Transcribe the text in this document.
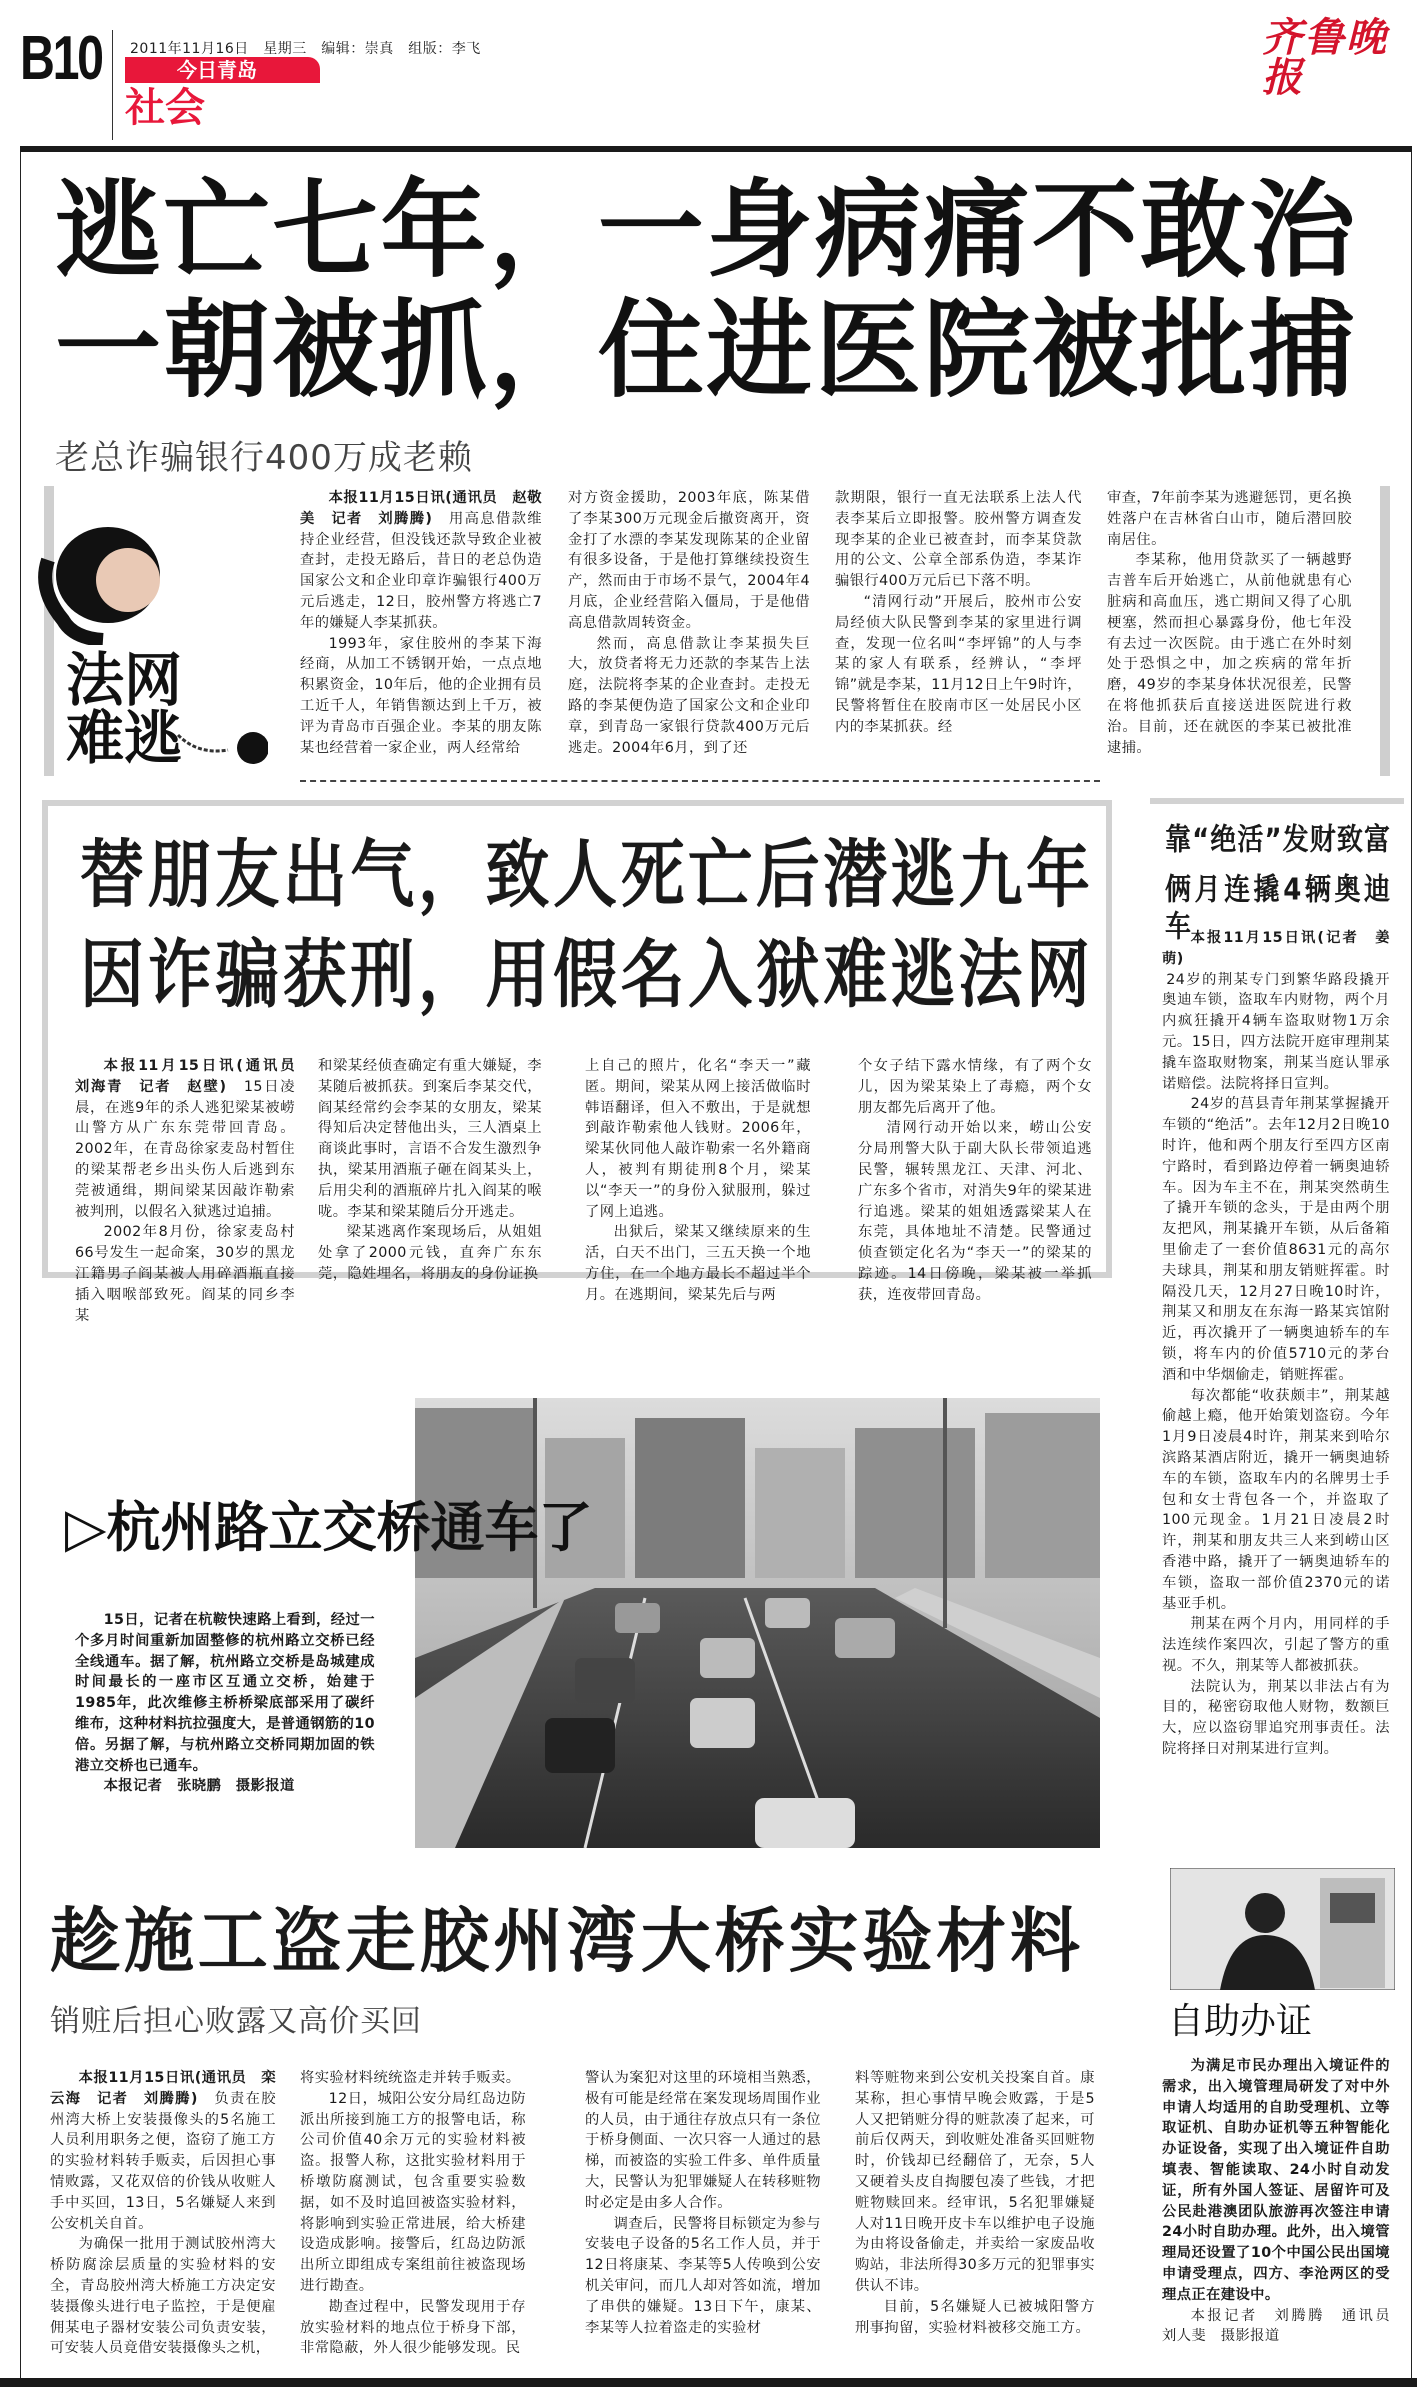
B10 2011年11月16日　星期三　编辑：崇真　组版：李飞
今日青岛
社会
齐鲁晚报
逃亡七年，一身病痛不敢治
一朝被抓，住进医院被批捕
老总诈骗银行400万成老赖
法网
难逃

本报11月15日讯(通讯员　赵敬美　记者　刘腾腾)　用高息借款维持企业经营，但没钱还款导致企业被查封，走投无路后，昔日的老总伪造国家公文和企业印章诈骗银行400万元后逃走，12日，胶州警方将逃亡7年的嫌疑人李某抓获。

1993年，家住胶州的李某下海经商，从加工不锈钢开始，一点点地积累资金，10年后，他的企业拥有员工近千人，年销售额达到上千万，被评为青岛市百强企业。李某的朋友陈某也经营着一家企业，两人经常给

对方资金援助，2003年底，陈某借了李某300万元现金后撤资离开，资金打了水漂的李某发现陈某的企业留有很多设备，于是他打算继续投资生产，然而由于市场不景气，2004年4月底，企业经营陷入僵局，于是他借高息借款周转资金。

然而，高息借款让李某损失巨大，放贷者将无力还款的李某告上法庭，法院将李某的企业查封。走投无路的李某便伪造了国家公文和企业印章，到青岛一家银行贷款400万元后逃走。2004年6月，到了还

款期限，银行一直无法联系上法人代表李某后立即报警。胶州警方调查发现李某的企业已被查封，而李某贷款用的公文、公章全部系伪造，李某诈骗银行400万元后已下落不明。

“清网行动”开展后，胶州市公安局经侦大队民警到李某的家里进行调查，发现一位名叫“李坪锦”的人与李某的家人有联系，经辨认，“李坪锦”就是李某，11月12日上午9时许，民警将暂住在胶南市区一处居民小区内的李某抓获。经

审查，7年前李某为逃避惩罚，更名换姓落户在吉林省白山市，随后潜回胶南居住。

李某称，他用贷款买了一辆越野吉普车后开始逃亡，从前他就患有心脏病和高血压，逃亡期间又得了心肌梗塞，然而担心暴露身份，他七年没有去过一次医院。由于逃亡在外时刻处于恐惧之中，加之疾病的常年折磨，49岁的李某身体状况很差，民警在将他抓获后直接送进医院进行救治。目前，还在就医的李某已被批准逮捕。

替朋友出气，致人死亡后潜逃九年
因诈骗获刑，用假名入狱难逃法网

本报11月15日讯(通讯员　刘海青　记者　赵壁)　15日凌晨，在逃9年的杀人逃犯梁某被崂山警方从广东东莞带回青岛。2002年，在青岛徐家麦岛村暂住的梁某帮老乡出头伤人后逃到东莞被通缉，期间梁某因敲诈勒索被判刑，以假名入狱逃过追捕。

2002年8月份，徐家麦岛村66号发生一起命案，30岁的黑龙江籍男子阎某被人用碎酒瓶直接插入咽喉部致死。阎某的同乡李某

和梁某经侦查确定有重大嫌疑，李某随后被抓获。到案后李某交代，阎某经常约会李某的女朋友，梁某得知后决定替他出头，三人酒桌上商谈此事时，言语不合发生激烈争执，梁某用酒瓶子砸在阎某头上，后用尖利的酒瓶碎片扎入阎某的喉咙。李某和梁某随后分开逃走。

梁某逃离作案现场后，从姐姐处拿了2000元钱，直奔广东东莞，隐姓埋名，将朋友的身份证换

上自己的照片，化名“李天一”藏匿。期间，梁某从网上接活做临时韩语翻译，但入不敷出，于是就想到敲诈勒索他人钱财。2006年，梁某伙同他人敲诈勒索一名外籍商人，被判有期徒刑8个月，梁某以“李天一”的身份入狱服刑，躲过了网上追逃。

出狱后，梁某又继续原来的生活，白天不出门，三五天换一个地方住，在一个地方最长不超过半个月。在逃期间，梁某先后与两

个女子结下露水情缘，有了两个女儿，因为梁某染上了毒瘾，两个女朋友都先后离开了他。

清网行动开始以来，崂山公安分局刑警大队于副大队长带领追逃民警，辗转黑龙江、天津、河北、广东多个省市，对消失9年的梁某进行追逃。梁某的姐姐透露梁某人在东莞，具体地址不清楚。民警通过侦查锁定化名为“李天一”的梁某的踪迹。14日傍晚，梁某被一举抓获，连夜带回青岛。

靠“绝活”发财致富
俩月连撬4辆奥迪车 本报11月15日讯(记者　姜萌)

24岁的荆某专门到繁华路段撬开奥迪车锁，盗取车内财物，两个月内疯狂撬开4辆车盗取财物1万余元。15日，四方法院开庭审理荆某撬车盗取财物案，荆某当庭认罪承诺赔偿。法院将择日宣判。

24岁的莒县青年荆某掌握撬开车锁的“绝活”。去年12月2日晚10时许，他和两个朋友行至四方区南宁路时，看到路边停着一辆奥迪轿车。因为车主不在，荆某突然萌生了撬开车锁的念头，于是由两个朋友把风，荆某撬开车锁，从后备箱里偷走了一套价值8631元的高尔夫球具，荆某和朋友销赃挥霍。时隔没几天，12月27日晚10时许，荆某又和朋友在东海一路某宾馆附近，再次撬开了一辆奥迪轿车的车锁，将车内的价值5710元的茅台酒和中华烟偷走，销赃挥霍。

每次都能“收获颇丰”，荆某越偷越上瘾，他开始策划盗窃。今年1月9日凌晨4时许，荆某来到哈尔滨路某酒店附近，撬开一辆奥迪轿车的车锁，盗取车内的名牌男士手包和女士背包各一个，并盗取了100元现金。1月21日凌晨2时许，荆某和朋友共三人来到崂山区香港中路，撬开了一辆奥迪轿车的车锁，盗取一部价值2370元的诺基亚手机。

荆某在两个月内，用同样的手法连续作案四次，引起了警方的重视。不久，荆某等人都被抓获。

法院认为，荆某以非法占有为目的，秘密窃取他人财物，数额巨大，应以盗窃罪追究刑事责任。法院将择日对荆某进行宣判。

▷杭州路立交桥通车了

15日，记者在杭鞍快速路上看到，经过一个多月时间重新加固整修的杭州路立交桥已经全线通车。据了解，杭州路立交桥是岛城建成时间最长的一座市区互通立交桥，始建于1985年，此次维修主桥桥梁底部采用了碳纤维布，这种材料抗拉强度大，是普通钢筋的10倍。另据了解，与杭州路立交桥同期加固的铁港立交桥也已通车。

本报记者　张晓鹏　摄影报道

自助办证

为满足市民办理出入境证件的需求，出入境管理局研发了对中外申请人均适用的自助受理机、立等取证机、自助办证机等五种智能化办证设备，实现了出入境证件自助填表、智能读取、24小时自动发证，所有外国人签证、居留许可及公民赴港澳团队旅游再次签注申请24小时自助办理。此外，出入境管理局还设置了10个中国公民出国境申请受理点，四方、李沧两区的受理点正在建设中。

本报记者　刘腾腾　通讯员　刘人斐　摄影报道

趁施工盗走胶州湾大桥实验材料
销赃后担心败露又高价买回

本报11月15日讯(通讯员　栾云海　记者　刘腾腾)　负责在胶州湾大桥上安装摄像头的5名施工人员利用职务之便，盗窃了施工方的实验材料转手贩卖，后因担心事情败露，又花双倍的价钱从收赃人手中买回，13日，5名嫌疑人来到公安机关自首。

为确保一批用于测试胶州湾大桥防腐涂层质量的实验材料的安全，青岛胶州湾大桥施工方决定安装摄像头进行电子监控，于是便雇佣某电子器材安装公司负责安装，可安装人员竟借安装摄像头之机，

将实验材料统统盗走并转手贩卖。

12日，城阳公安分局红岛边防派出所接到施工方的报警电话，称公司价值40余万元的实验材料被盗。报警人称，这批实验材料用于桥墩防腐测试，包含重要实验数据，如不及时追回被盗实验材料，将影响到实验正常进展，给大桥建设造成影响。接警后，红岛边防派出所立即组成专案组前往被盗现场进行勘查。

勘查过程中，民警发现用于存放实验材料的地点位于桥身下部，非常隐蔽，外人很少能够发现。民

警认为案犯对这里的环境相当熟悉，极有可能是经常在案发现场周围作业的人员，由于通往存放点只有一条位于桥身侧面、一次只容一人通过的悬梯，而被盗的实验工件多、单件质量大，民警认为犯罪嫌疑人在转移赃物时必定是由多人合作。

调查后，民警将目标锁定为参与安装电子设备的5名工作人员，并于12日将康某、李某等5人传唤到公安机关审问，而几人却对答如流，增加了串供的嫌疑。13日下午，康某、李某等人拉着盗走的实验材

料等赃物来到公安机关投案自首。康某称，担心事情早晚会败露，于是5人又把销赃分得的赃款凑了起来，可前后仅两天，到收赃处准备买回赃物时，价钱却已经翻倍了，无奈，5人又硬着头皮自掏腰包凑了些钱，才把赃物赎回来。经审讯，5名犯罪嫌疑人对11日晚开皮卡车以维护电子设施为由将设备偷走，并卖给一家废品收购站，非法所得30多万元的犯罪事实供认不讳。

目前，5名嫌疑人已被城阳警方刑事拘留，实验材料被移交施工方。
